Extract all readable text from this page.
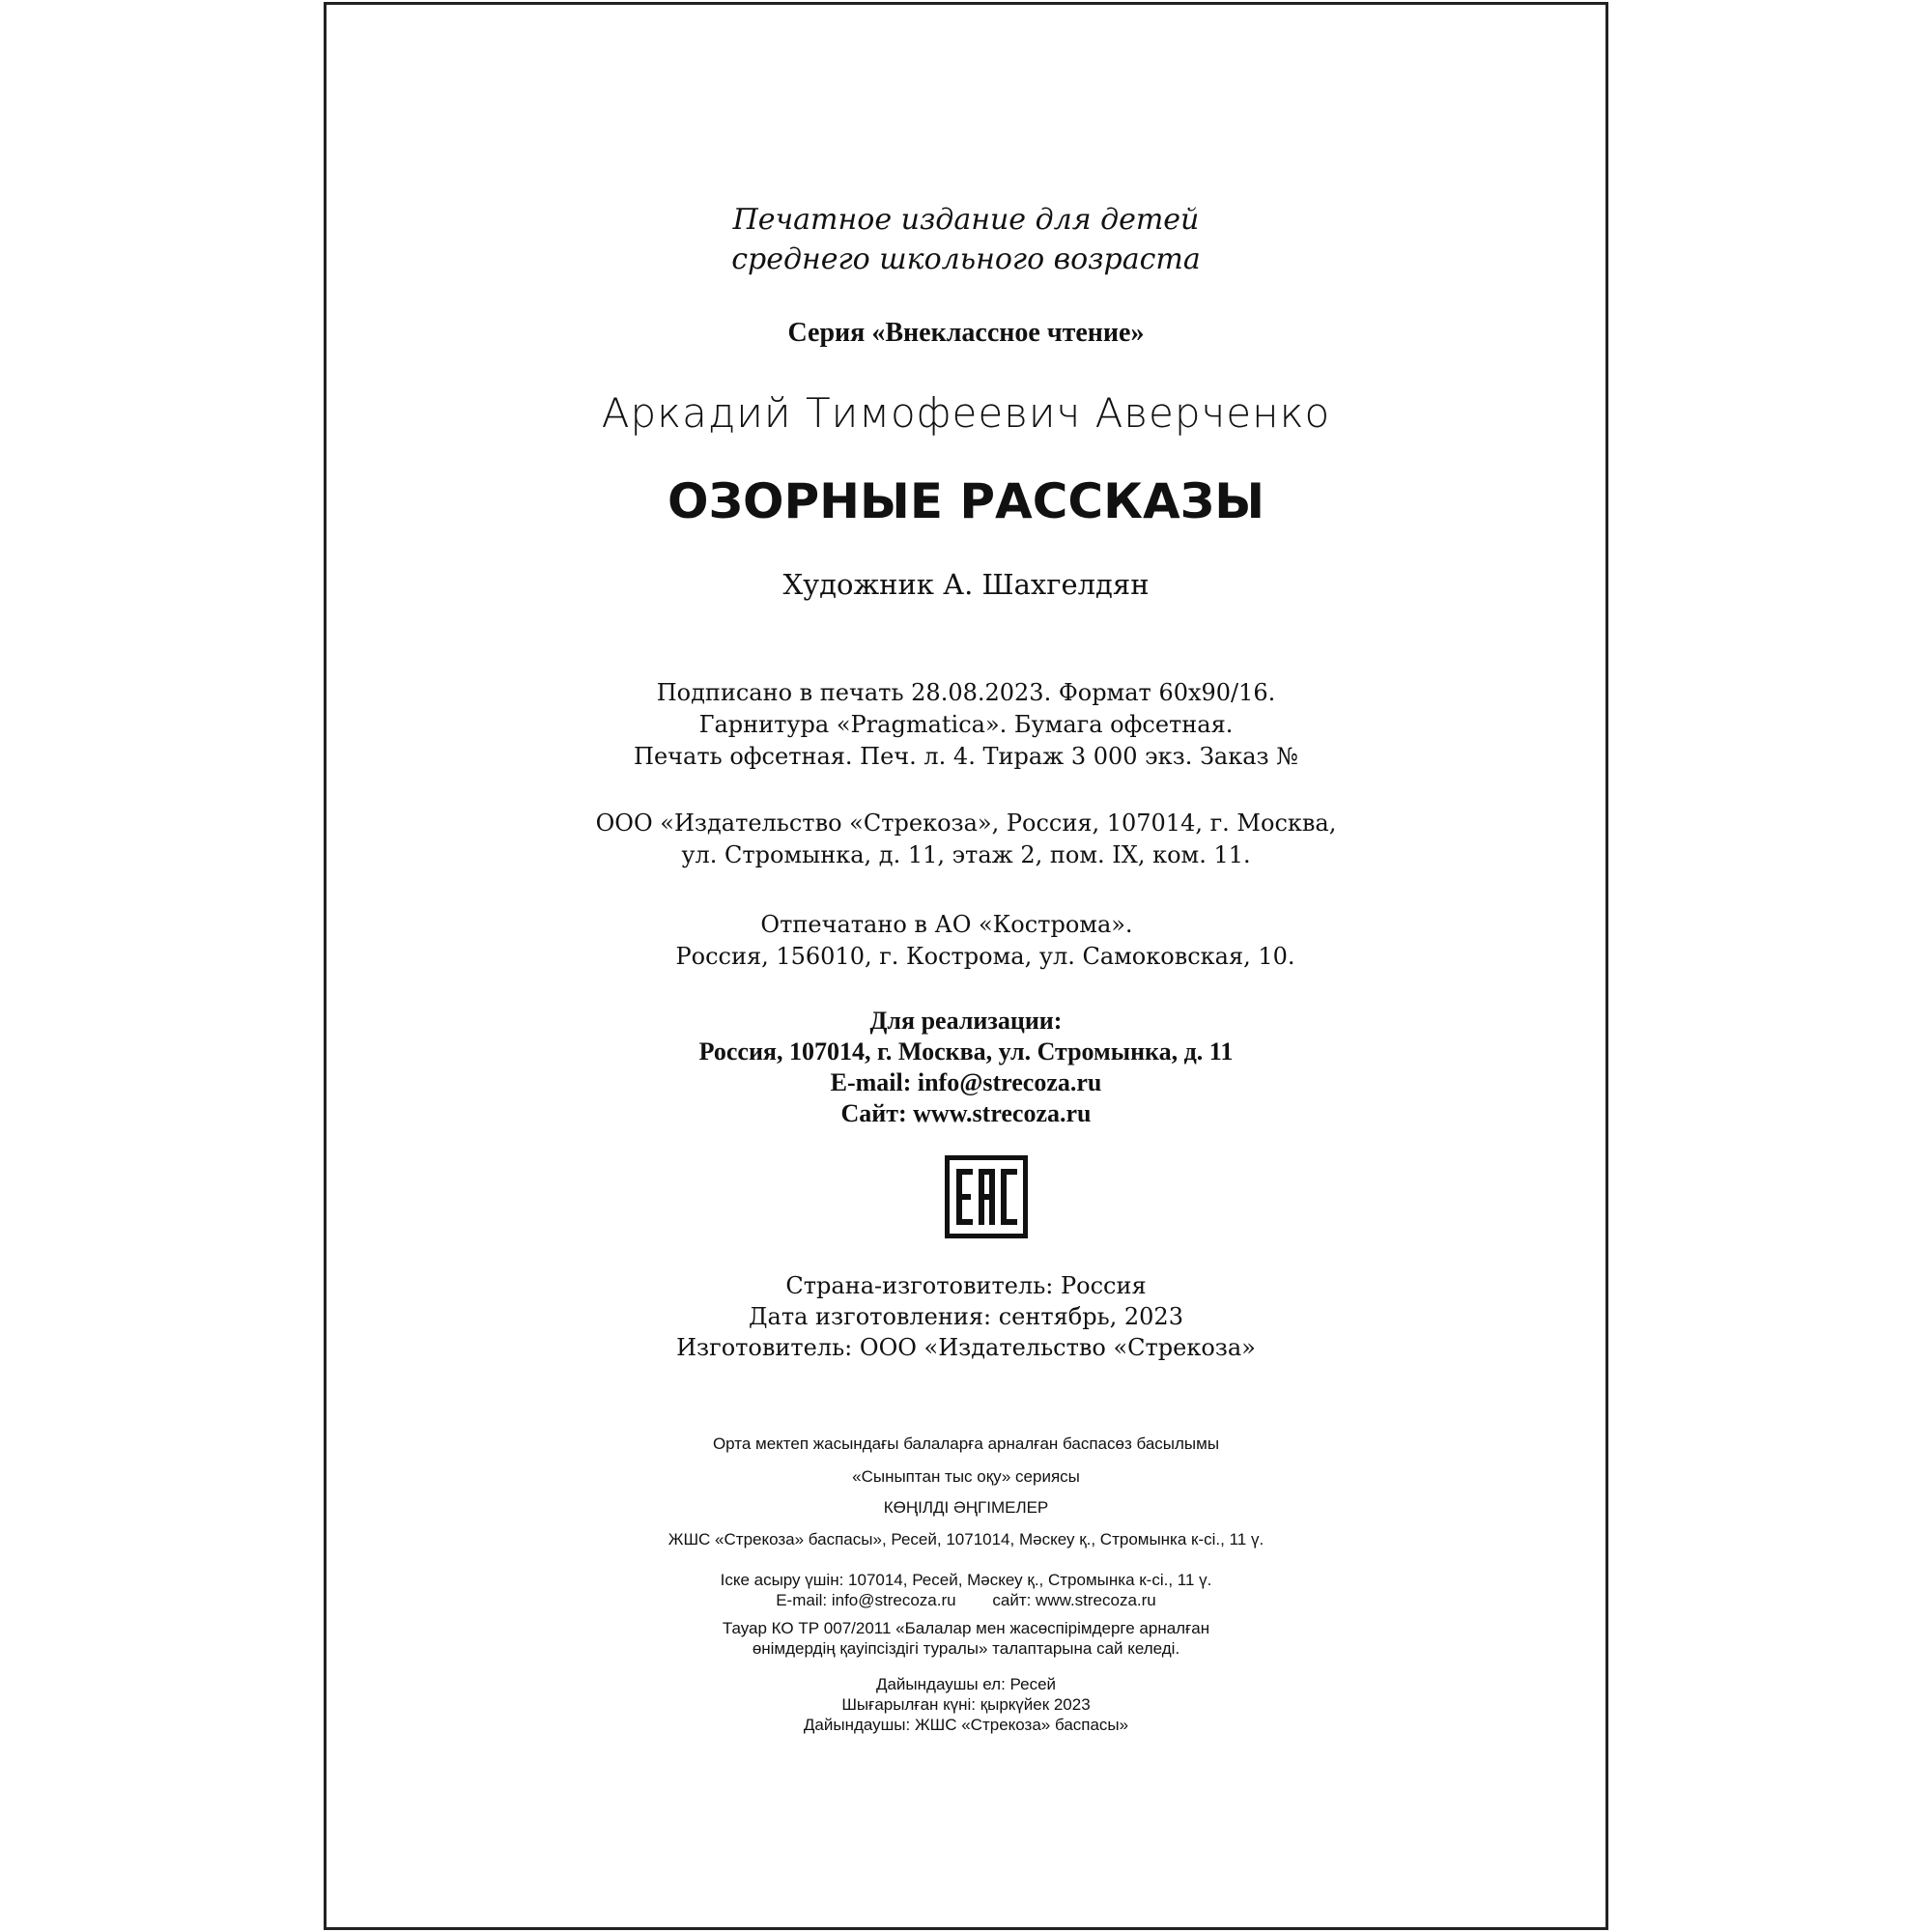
Печатное издание для детей
среднего школьного возраста
Серия «Внеклассное чтение»
Аркадий Тимофеевич Аверченко
ОЗОРНЫЕ РАССКАЗЫ
Художник А. Шахгелдян
Подписано в печать 28.08.2023. Формат 60x90/16.
Гарнитура «Pragmatica». Бумага офсетная.
Печать офсетная. Печ. л. 4. Тираж 3 000 экз. Заказ №
ООО «Издательство «Стрекоза», Россия, 107014, г. Москва,
ул. Стромынка, д. 11, этаж 2, пом. IX, ком. 11.
Отпечатано в АО «Кострома».
Россия, 156010, г. Кострома, ул. Самоковская, 10.
Для реализации:
Россия, 107014, г. Москва, ул. Стромынка, д. 11
E-mail: info@strecoza.ru
Сайт: www.strecoza.ru
Страна-изготовитель: Россия
Дата изготовления: сентябрь, 2023
Изготовитель: ООО «Издательство «Стрекоза»
Орта мектеп жасындағы балаларға арналған баспасөз басылымы
«Сыныптан тыс оқу» сериясы
КӨҢІЛДІ ӘҢГІМЕЛЕР
ЖШС «Стрекоза» баспасы», Ресей, 1071014, Мәскеу қ., Стромынка к-сі., 11 ү.
Іске асыру үшін: 107014, Ресей, Мәскеу қ., Стромынка к-сі., 11 ү.
E-mail: info@strecoza.ru        сайт: www.strecoza.ru
Тауар КО ТР 007/2011 «Балалар мен жасөспірімдерге арналған
өнімдердің қауіпсіздігі туралы» талаптарына сай келеді.
Дайындаушы ел: Ресей
Шығарылған күні: қыркүйек 2023
Дайындаушы: ЖШС «Стрекоза» баспасы»
